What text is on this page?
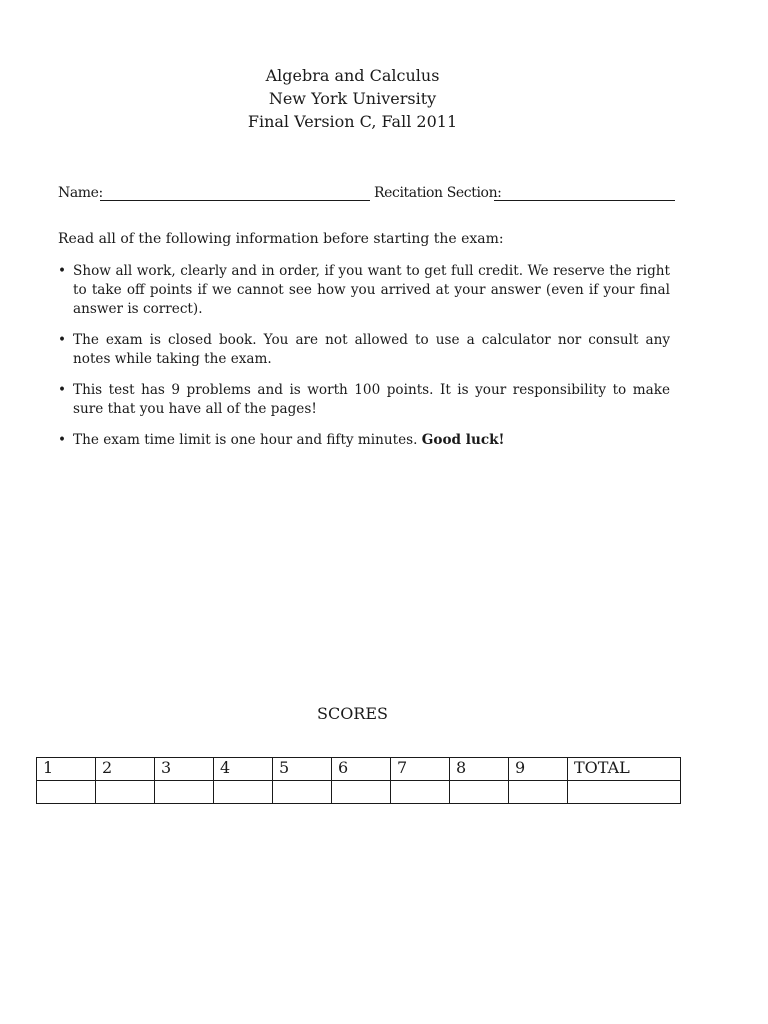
Algebra and Calculus
New York University
Final Version C, Fall 2011
Name:	Recitation Section:
Read all of the following information before starting the exam:
• Show all work, clearly and in order, if you want to get full credit. We reserve the right to take off points if we cannot see how you arrived at your answer (even if your final answer is correct).
• The exam is closed book. You are not allowed to use a calculator nor consult any notes while taking the exam.
• This test has 9 problems and is worth 100 points. It is your responsibility to make sure that you have all of the pages!
• The exam time limit is one hour and fifty minutes. Good luck!
SCORES
1	2	3	4	5	6	7	8	9	TOTAL
